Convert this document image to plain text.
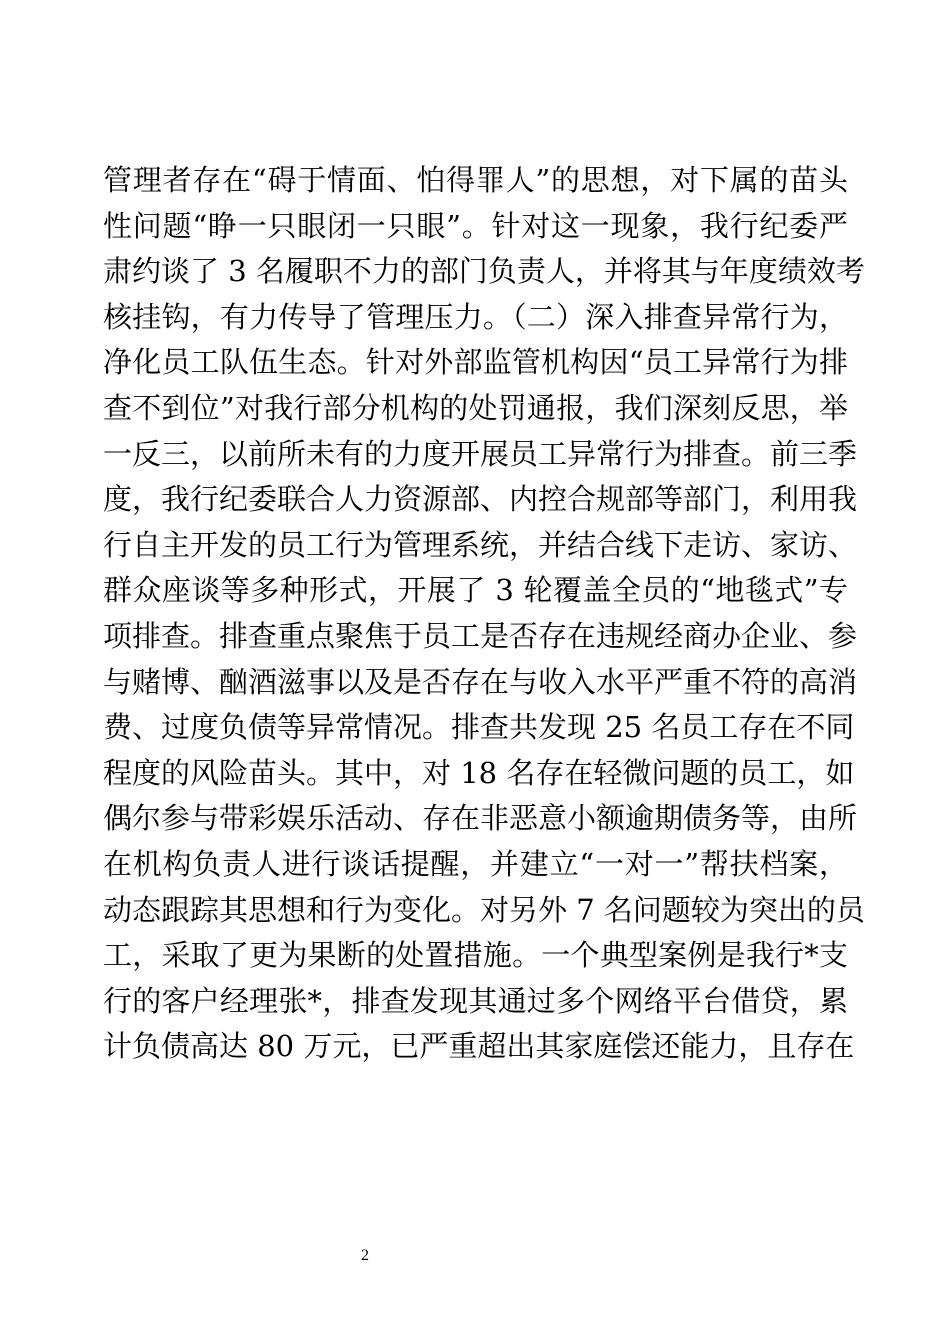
管理者存在“碍于情面、怕得罪人”的思想，对下属的苗头
性问题“睁一只眼闭一只眼”。针对这一现象，我行纪委严
肃约谈了 3 名履职不力的部门负责人，并将其与年度绩效考
核挂钩，有力传导了管理压力。（二）深入排查异常行为，
净化员工队伍生态。针对外部监管机构因“员工异常行为排
查不到位”对我行部分机构的处罚通报，我们深刻反思，举
一反三，以前所未有的力度开展员工异常行为排查。前三季
度，我行纪委联合人力资源部、内控合规部等部门，利用我
行自主开发的员工行为管理系统，并结合线下走访、家访、
群众座谈等多种形式，开展了 3 轮覆盖全员的“地毯式”专
项排查。排查重点聚焦于员工是否存在违规经商办企业、参
与赌博、酗酒滋事以及是否存在与收入水平严重不符的高消
费、过度负债等异常情况。排查共发现 25 名员工存在不同
程度的风险苗头。其中，对 18 名存在轻微问题的员工，如
偶尔参与带彩娱乐活动、存在非恶意小额逾期债务等，由所
在机构负责人进行谈话提醒，并建立“一对一”帮扶档案，
动态跟踪其思想和行为变化。对另外 7 名问题较为突出的员
工，采取了更为果断的处置措施。一个典型案例是我行*支
行的客户经理张*，排查发现其通过多个网络平台借贷，累
计负债高达 80 万元，已严重超出其家庭偿还能力，且存在
2
